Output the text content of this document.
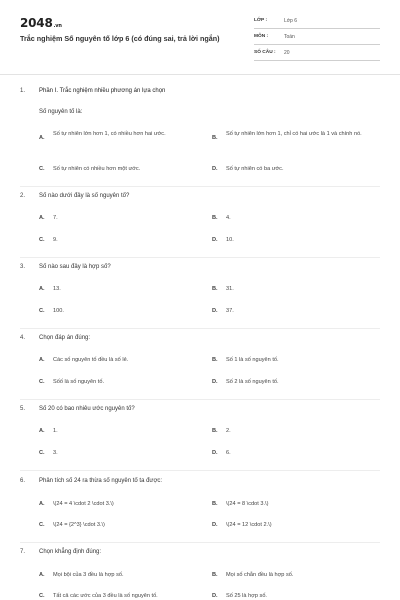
2048.vn
Trắc nghiệm Số nguyên tố lớp 6 (có đúng sai, trả lời ngắn)
LỚP :	Lớp 6
MÔN :	Toán
SỐ CÂU : 20
1. Phần I. Trắc nghiệm nhiều phương án lựa chọn
Số nguyên tố là:
A.
Số tự nhiên lớn hơn 1, có nhiều hơn hai ước.
B.
Số tự nhiên lớn hơn 1, chỉ có hai ước là 1 và chính nó.
C. Số tự nhiên có nhiều hơn một ước.	D. Số tự nhiên có ba ước.
2. Số nào dưới đây là số nguyên tố?
A. 7.	B. 4.
C. 9.	D. 10.
3. Số nào sau đây là hợp số?
A. 13.	B. 31.
C. 100.	D. 37.
4. Chọn đáp án đúng:
A. Các số nguyên tố đều là số lẻ.	B. Số 1 là số nguyên tố.
C. Sốố là số nguyên tố.	D. Số 2 là số nguyên tố.
5. Số 20 có bao nhiêu ước nguyên tố?
A. 1.	B. 2.
C. 3.	D. 6.
6. Phân tích số 24 ra thừa số nguyên tố ta được:
A. \(24 = 4 \cdot 2 \cdot 3.\)	B. \(24 = 8 \cdot 3.\)
C. \(24 = {2^3} \cdot 3.\)	D. \(24 = 12 \cdot 2.\)
7. Chọn khẳng định đúng:
A. Mọi bội của 3 đều là hợp số.	B. Mọi số chẵn đều là hợp số.
C. Tất cả các ước của 3 đều là số nguyên tố.	D. Số 25 là hợp số.
